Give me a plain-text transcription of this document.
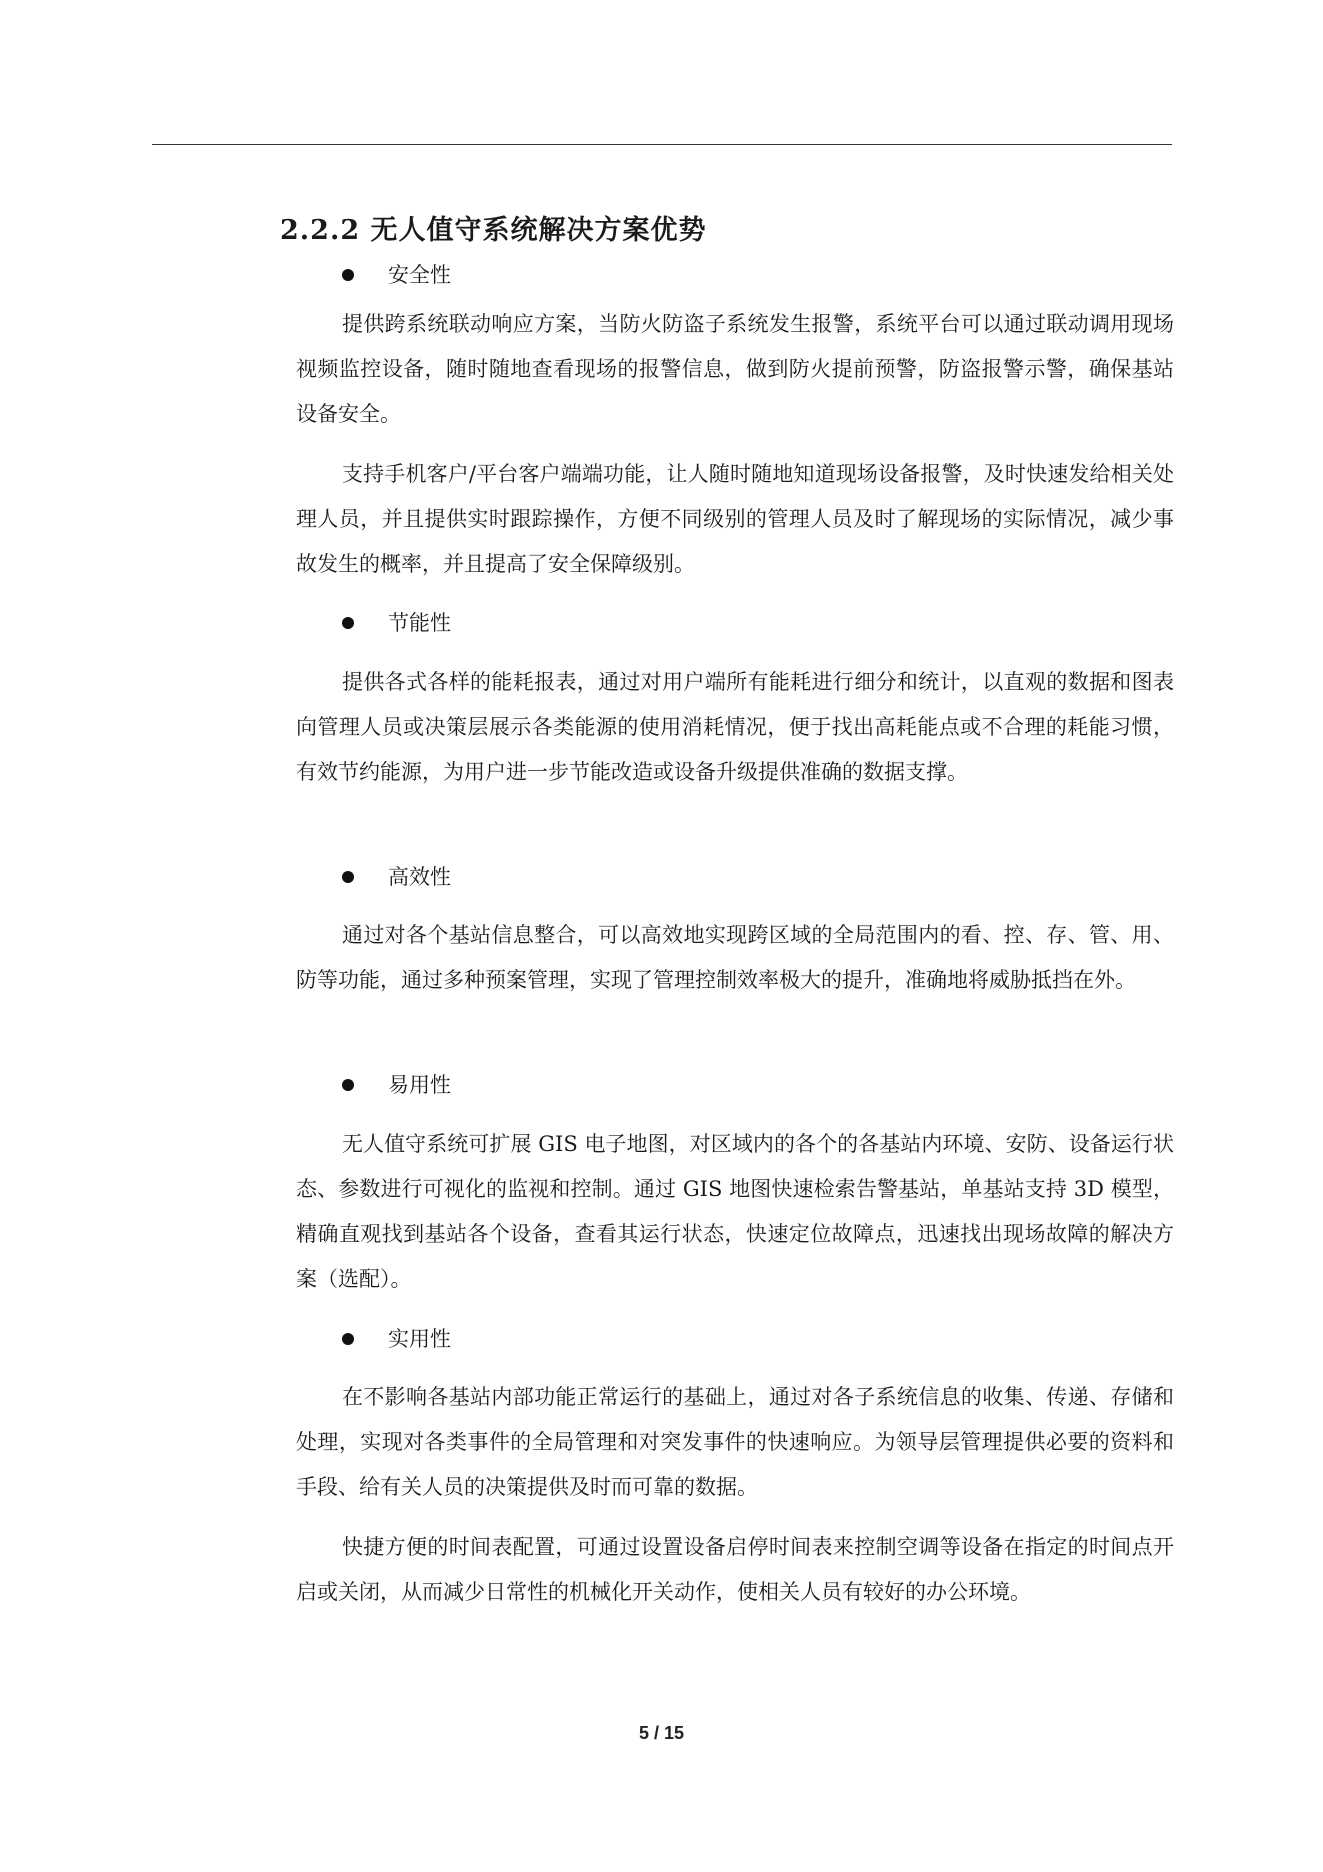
2.2.2 无人值守系统解决方案优势
安全性

提供跨系统联动响应方案，当防火防盗子系统发生报警，系统平台可以通过联动调用现场视频监控设备，随时随地查看现场的报警信息，做到防火提前预警，防盗报警示警，确保基站设备安全。

支持手机客户/平台客户端端功能，让人随时随地知道现场设备报警，及时快速发给相关处理人员，并且提供实时跟踪操作，方便不同级别的管理人员及时了解现场的实际情况，减少事故发生的概率，并且提高了安全保障级别。

节能性

提供各式各样的能耗报表，通过对用户端所有能耗进行细分和统计，以直观的数据和图表向管理人员或决策层展示各类能源的使用消耗情况，便于找出高耗能点或不合理的耗能习惯，有效节约能源，为用户进一步节能改造或设备升级提供准确的数据支撑。

高效性

通过对各个基站信息整合，可以高效地实现跨区域的全局范围内的看、控、存、管、用、防等功能，通过多种预案管理，实现了管理控制效率极大的提升，准确地将威胁抵挡在外。

易用性

无人值守系统可扩展 GIS 电子地图，对区域内的各个的各基站内环境、安防、设备运行状态、参数进行可视化的监视和控制。通过 GIS 地图快速检索告警基站，单基站支持 3D 模型，精确直观找到基站各个设备，查看其运行状态，快速定位故障点，迅速找出现场故障的解决方案（选配）。

实用性

在不影响各基站内部功能正常运行的基础上，通过对各子系统信息的收集、传递、存储和处理，实现对各类事件的全局管理和对突发事件的快速响应。为领导层管理提供必要的资料和手段、给有关人员的决策提供及时而可靠的数据。

快捷方便的时间表配置，可通过设置设备启停时间表来控制空调等设备在指定的时间点开启或关闭，从而减少日常性的机械化开关动作，使相关人员有较好的办公环境。

5 / 15
